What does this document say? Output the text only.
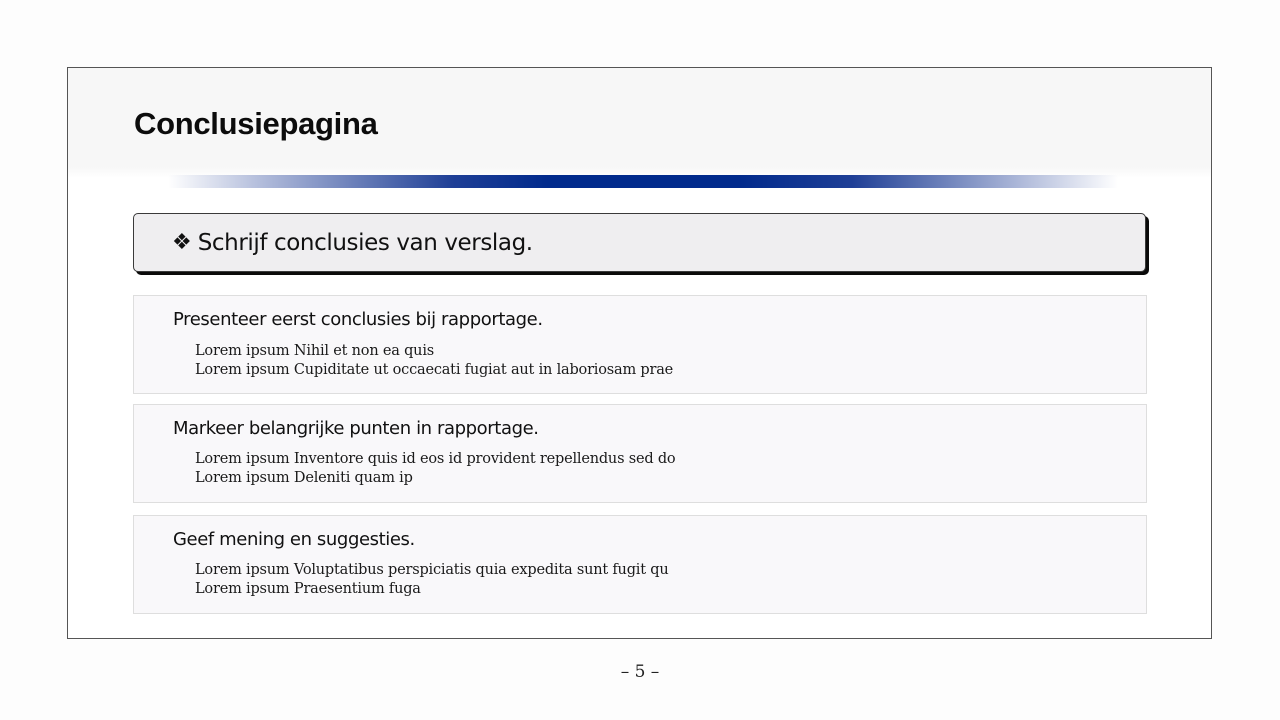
Conclusiepagina
❖ Schrijf conclusies van verslag.
Presenteer eerst conclusies bij rapportage.
Lorem ipsum Nihil et non ea quis
Lorem ipsum Cupiditate ut occaecati fugiat aut in laboriosam prae
Markeer belangrijke punten in rapportage.
Lorem ipsum Inventore quis id eos id provident repellendus sed do
Lorem ipsum Deleniti quam ip
Geef mening en suggesties.
Lorem ipsum Voluptatibus perspiciatis quia expedita sunt fugit qu
Lorem ipsum Praesentium fuga
– 5 –
